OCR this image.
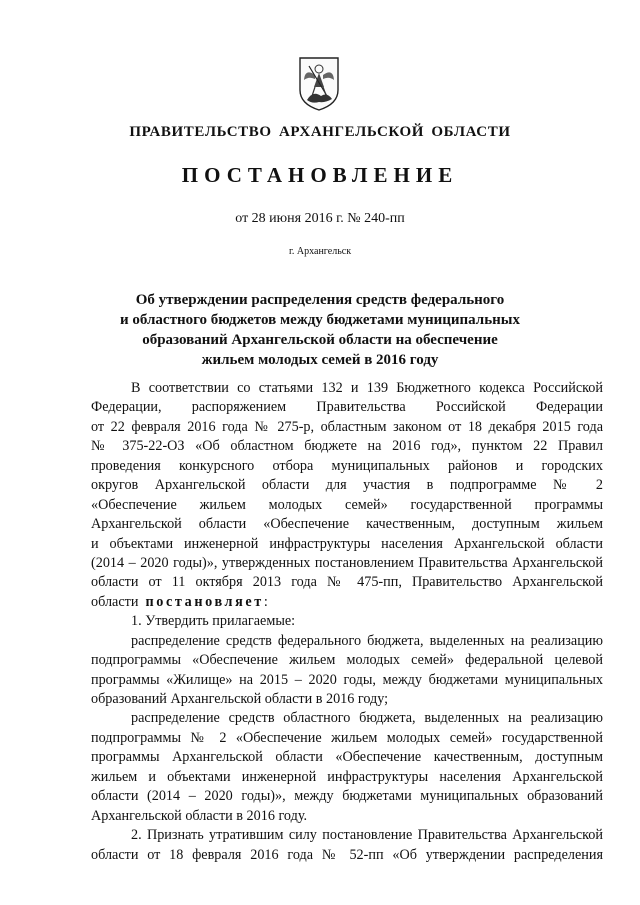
ПРАВИТЕЛЬСТВО АРХАНГЕЛЬСКОЙ ОБЛАСТИ
ПОСТАНОВЛЕНИЕ
от 28 июня 2016 г. № 240-пп
г. Архангельск
Об утверждении распределения средств федерального
и областного бюджетов между бюджетами муниципальных
образований Архангельской области на обеспечение
жильем молодых семей в 2016 году
В соответствии со статьями 132 и 139 Бюджетного кодекса Российской
Федерации, распоряжением Правительства Российской Федерации
от 22 февраля 2016 года № 275-р, областным законом от 18 декабря 2015 года
№ 375-22-ОЗ «Об областном бюджете на 2016 год», пунктом 22 Правил
проведения конкурсного отбора муниципальных районов и городских
округов Архангельской области для участия в подпрограмме № 2
«Обеспечение жильем молодых семей» государственной программы
Архангельской области «Обеспечение качественным, доступным жильем
и объектами инженерной инфраструктуры населения Архангельской области
(2014 – 2020 годы)», утвержденных постановлением Правительства Архангельской
области от 11 октября 2013 года № 475-пп, Правительство Архангельской
области постановляет:
1. Утвердить прилагаемые:
распределение средств федерального бюджета, выделенных на реализацию
подпрограммы «Обеспечение жильем молодых семей» федеральной целевой
программы «Жилище» на 2015 – 2020 годы, между бюджетами муниципальных
образований Архангельской области в 2016 году;
распределение средств областного бюджета, выделенных на реализацию
подпрограммы № 2 «Обеспечение жильем молодых семей» государственной
программы Архангельской области «Обеспечение качественным, доступным
жильем и объектами инженерной инфраструктуры населения Архангельской
области (2014 – 2020 годы)», между бюджетами муниципальных образований
Архангельской области в 2016 году.
2. Признать утратившим силу постановление Правительства Архангельской
области от 18 февраля 2016 года № 52-пп «Об утверждении распределения
